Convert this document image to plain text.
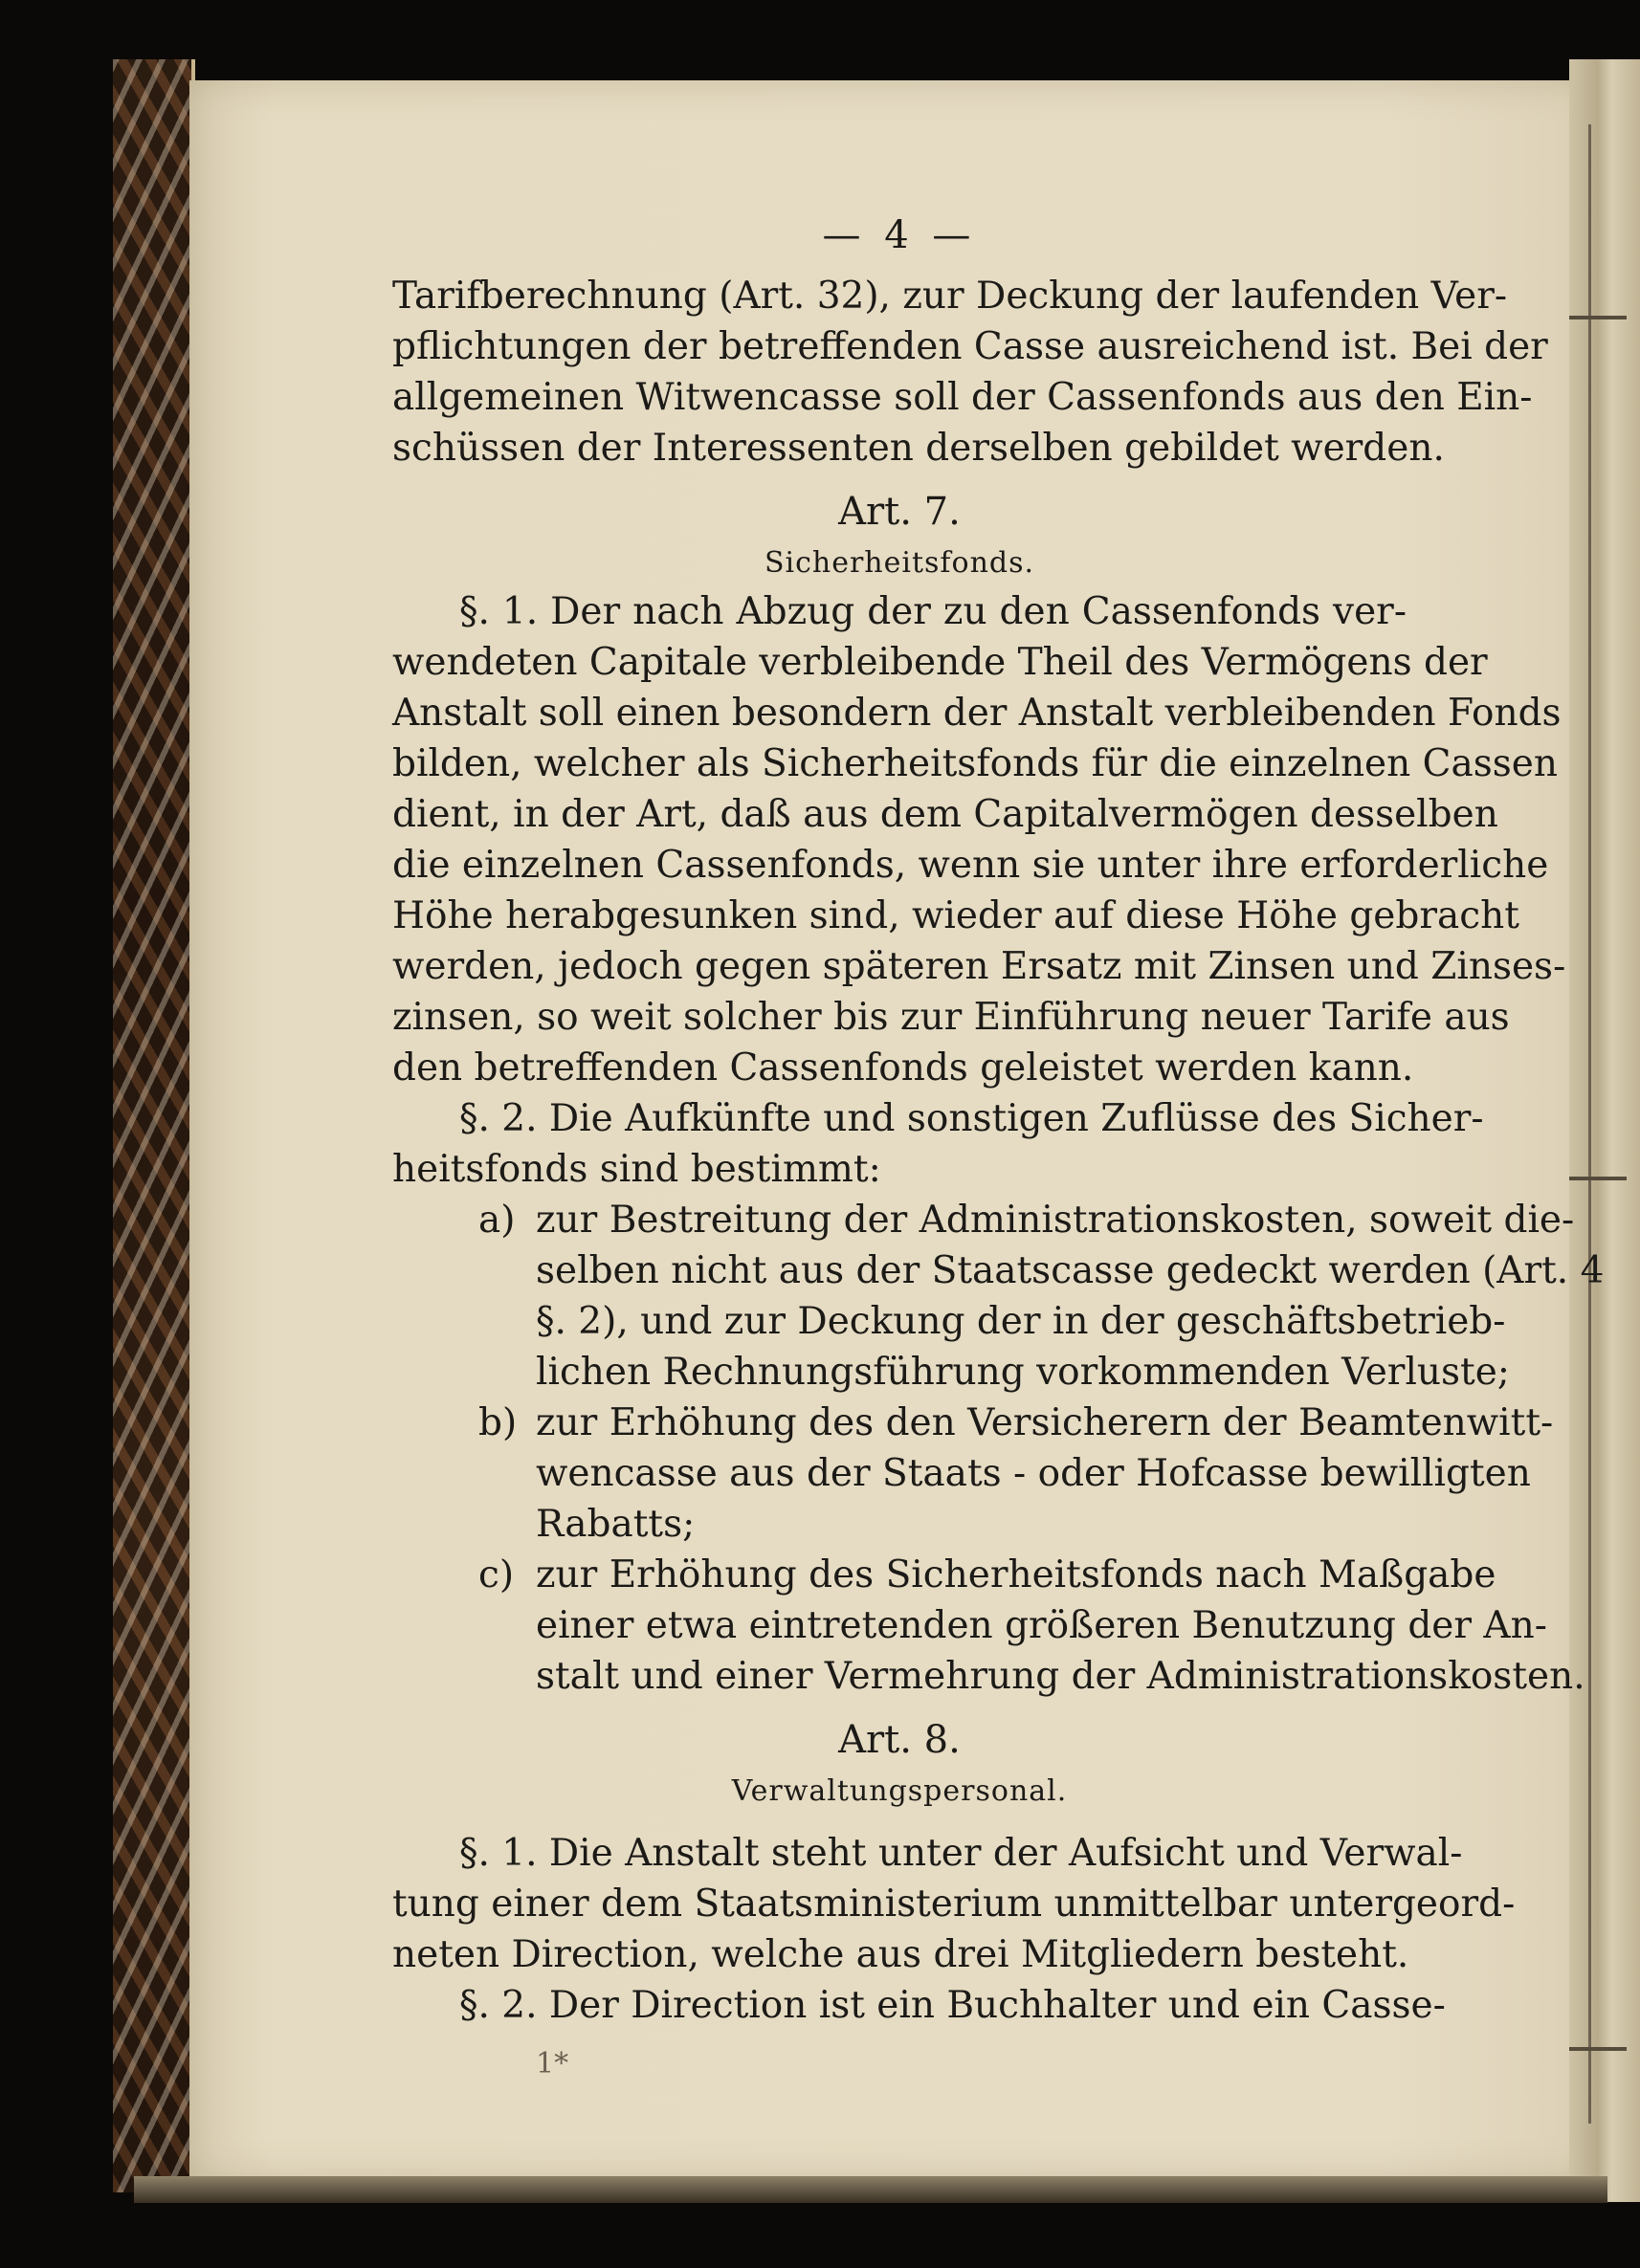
— 4 —
Tarifberechnung (Art. 32), zur Deckung der laufenden Ver-
pflichtungen der betreffenden Casse ausreichend ist. Bei der
allgemeinen Witwencasse soll der Cassenfonds aus den Ein-
schüssen der Interessenten derselben gebildet werden.
Art. 7.
Sicherheitsfonds.
§. 1. Der nach Abzug der zu den Cassenfonds ver-
wendeten Capitale verbleibende Theil des Vermögens der
Anstalt soll einen besondern der Anstalt verbleibenden Fonds
bilden, welcher als Sicherheitsfonds für die einzelnen Cassen
dient, in der Art, daß aus dem Capitalvermögen desselben
die einzelnen Cassenfonds, wenn sie unter ihre erforderliche
Höhe herabgesunken sind, wieder auf diese Höhe gebracht
werden, jedoch gegen späteren Ersatz mit Zinsen und Zinses-
zinsen, so weit solcher bis zur Einführung neuer Tarife aus
den betreffenden Cassenfonds geleistet werden kann.
§. 2. Die Aufkünfte und sonstigen Zuflüsse des Sicher-
heitsfonds sind bestimmt:
a) zur Bestreitung der Administrationskosten, soweit die-
selben nicht aus der Staatscasse gedeckt werden (Art. 4
§. 2), und zur Deckung der in der geschäftsbetrieb-
lichen Rechnungsführung vorkommenden Verluste;
b) zur Erhöhung des den Versicherern der Beamtenwitt-
wencasse aus der Staats - oder Hofcasse bewilligten
Rabatts;
c) zur Erhöhung des Sicherheitsfonds nach Maßgabe
einer etwa eintretenden größeren Benutzung der An-
stalt und einer Vermehrung der Administrationskosten.
Art. 8.
Verwaltungspersonal.
§. 1. Die Anstalt steht unter der Aufsicht und Verwal-
tung einer dem Staatsministerium unmittelbar untergeord-
neten Direction, welche aus drei Mitgliedern besteht.
§. 2. Der Direction ist ein Buchhalter und ein Casse-
1*
